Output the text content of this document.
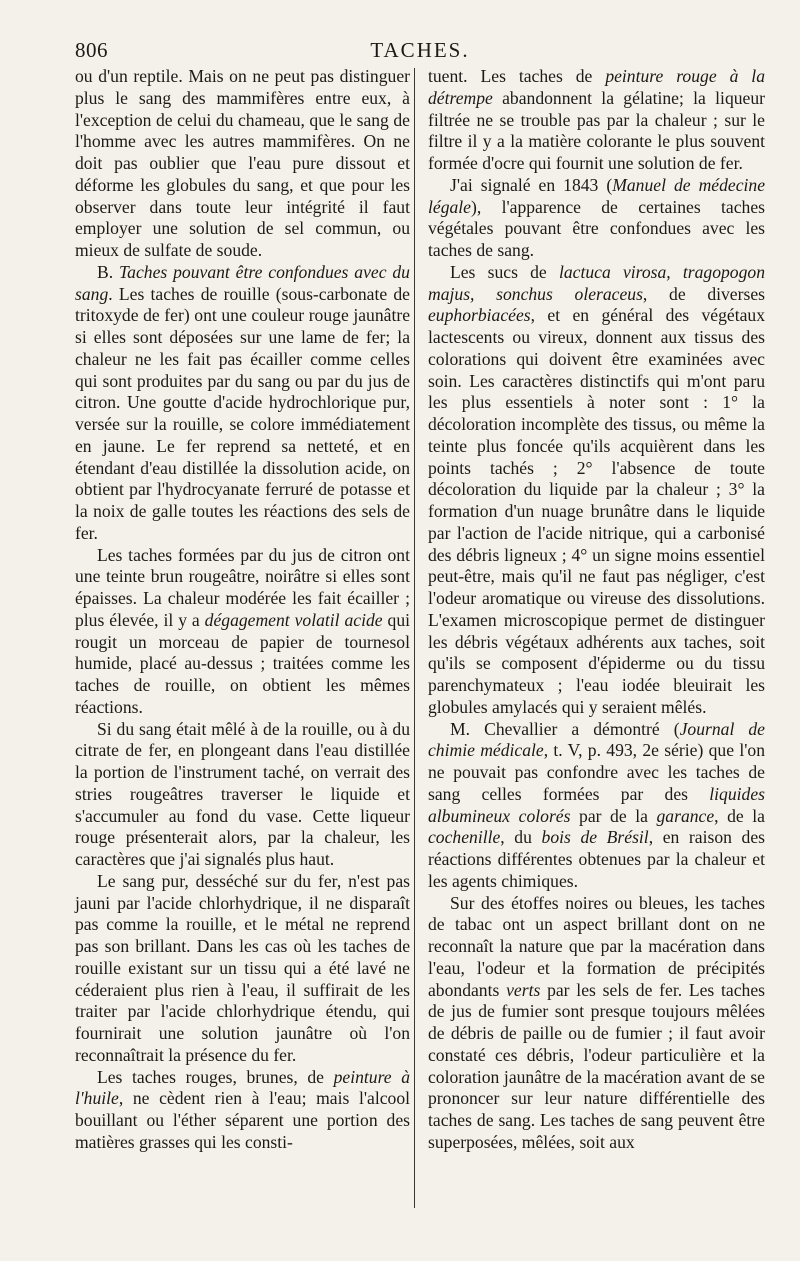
806	TACHES.

ou d'un reptile. Mais on ne peut pas distinguer plus le sang des mammifères entre eux, à l'exception de celui du chameau, que le sang de l'homme avec les autres mammifères. On ne doit pas oublier que l'eau pure dissout et déforme les globules du sang, et que pour les observer dans toute leur intégrité il faut employer une solution de sel commun, ou mieux de sulfate de soude.

B. Taches pouvant être confondues avec du sang. Les taches de rouille (sous-carbonate de tritoxyde de fer) ont une couleur rouge jaunâtre si elles sont déposées sur une lame de fer; la chaleur ne les fait pas écailler comme celles qui sont produites par du sang ou par du jus de citron. Une goutte d'acide hydrochlorique pur, versée sur la rouille, se colore immédiatement en jaune. Le fer reprend sa netteté, et en étendant d'eau distillée la dissolution acide, on obtient par l'hydrocyanate ferruré de potasse et la noix de galle toutes les réactions des sels de fer.

Les taches formées par du jus de citron ont une teinte brun rougeâtre, noirâtre si elles sont épaisses. La chaleur modérée les fait écailler ; plus élevée, il y a dégagement volatil acide qui rougit un morceau de papier de tournesol humide, placé au-dessus ; traitées comme les taches de rouille, on obtient les mêmes réactions.

Si du sang était mêlé à de la rouille, ou à du citrate de fer, en plongeant dans l'eau distillée la portion de l'instrument taché, on verrait des stries rougeâtres traverser le liquide et s'accumuler au fond du vase. Cette liqueur rouge présenterait alors, par la chaleur, les caractères que j'ai signalés plus haut.

Le sang pur, desséché sur du fer, n'est pas jauni par l'acide chlorhydrique, il ne disparaît pas comme la rouille, et le métal ne reprend pas son brillant. Dans les cas où les taches de rouille existant sur un tissu qui a été lavé ne céderaient plus rien à l'eau, il suffirait de les traiter par l'acide chlorhydrique étendu, qui fournirait une solution jaunâtre où l'on reconnaîtrait la présence du fer.

Les taches rouges, brunes, de peinture à l'huile, ne cèdent rien à l'eau; mais l'alcool bouillant ou l'éther séparent une portion des matières grasses qui les consti-

tuent. Les taches de peinture rouge à la détrempe abandonnent la gélatine; la liqueur filtrée ne se trouble pas par la chaleur ; sur le filtre il y a la matière colorante le plus souvent formée d'ocre qui fournit une solution de fer.

J'ai signalé en 1843 (Manuel de médecine légale), l'apparence de certaines taches végétales pouvant être confondues avec les taches de sang.

Les sucs de lactuca virosa, tragopogon majus, sonchus oleraceus, de diverses euphorbiacées, et en général des végétaux lactescents ou vireux, donnent aux tissus des colorations qui doivent être examinées avec soin. Les caractères distinctifs qui m'ont paru les plus essentiels à noter sont : 1° la décoloration incomplète des tissus, ou même la teinte plus foncée qu'ils acquièrent dans les points tachés ; 2° l'absence de toute décoloration du liquide par la chaleur ; 3° la formation d'un nuage brunâtre dans le liquide par l'action de l'acide nitrique, qui a carbonisé des débris ligneux ; 4° un signe moins essentiel peut-être, mais qu'il ne faut pas négliger, c'est l'odeur aromatique ou vireuse des dissolutions. L'examen microscopique permet de distinguer les débris végétaux adhérents aux taches, soit qu'ils se composent d'épiderme ou du tissu parenchymateux ; l'eau iodée bleuirait les globules amylacés qui y seraient mêlés.

M. Chevallier a démontré (Journal de chimie médicale, t. V, p. 493, 2e série) que l'on ne pouvait pas confondre avec les taches de sang celles formées par des liquides albumineux colorés par de la garance, de la cochenille, du bois de Brésil, en raison des réactions différentes obtenues par la chaleur et les agents chimiques.

Sur des étoffes noires ou bleues, les taches de tabac ont un aspect brillant dont on ne reconnaît la nature que par la macération dans l'eau, l'odeur et la formation de précipités abondants verts par les sels de fer. Les taches de jus de fumier sont presque toujours mêlées de débris de paille ou de fumier ; il faut avoir constaté ces débris, l'odeur particulière et la coloration jaunâtre de la macération avant de se prononcer sur leur nature différentielle des taches de sang. Les taches de sang peuvent être superposées, mêlées, soit aux
